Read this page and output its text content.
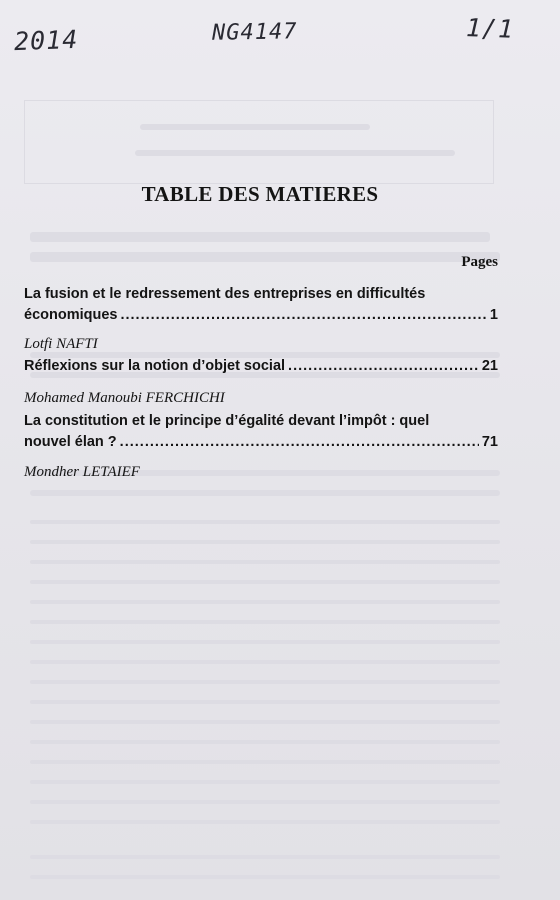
2014	NG4147	1/1
TABLE DES MATIERES
Pages
La fusion et le redressement des entreprises en difficultés
économiques .....	1
Lotfi NAFTI
Réflexions sur la notion d’objet social .....	21
Mohamed Manoubi FERCHICHI
La constitution et le principe d’égalité devant l’impôt : quel
nouvel élan ? .....	71
Mondher LETAIEF
